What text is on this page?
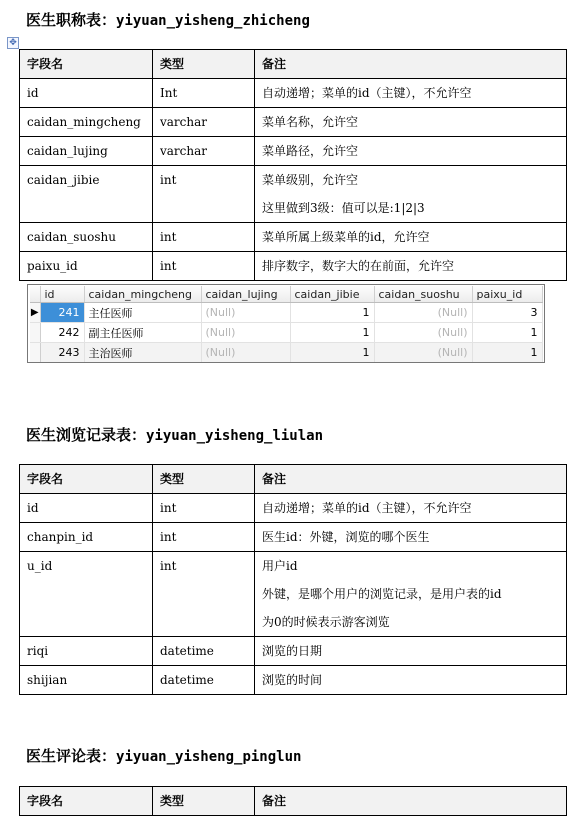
医生职称表：yiyuan_yisheng_zhicheng
✥
字段名	类型	备注
id	Int	自动递增；菜单的id（主键），不允许空

caidan_mingcheng	varchar	菜单名称，允许空

caidan_lujing	varchar	菜单路径，允许空

caidan_jibie	int	菜单级别，允许空
这里做到3级：值可以是:1|2|3

caidan_suoshu	int	菜单所属上级菜单的id，允许空

paixu_id	int	排序数字，数字大的在前面，允许空
	id	caidan_mingcheng	caidan_lujing	caidan_jibie	caidan_suoshu	paixu_id
▶	241	主任医师	(Null)	1	(Null)	3
	242	副主任医师	(Null)	1	(Null)	1
	243	主治医师	(Null)	1	(Null)	1
医生浏览记录表：yiyuan_yisheng_liulan
字段名	类型	备注
id	int	自动递增；菜单的id（主键），不允许空

chanpin_id	int	医生id：外键，浏览的哪个医生

u_id	int	用户id
外键，是哪个用户的浏览记录，是用户表的id
为0的时候表示游客浏览

riqi	datetime	浏览的日期

shijian	datetime	浏览的时间
医生评论表：yiyuan_yisheng_pinglun
字段名	类型	备注
